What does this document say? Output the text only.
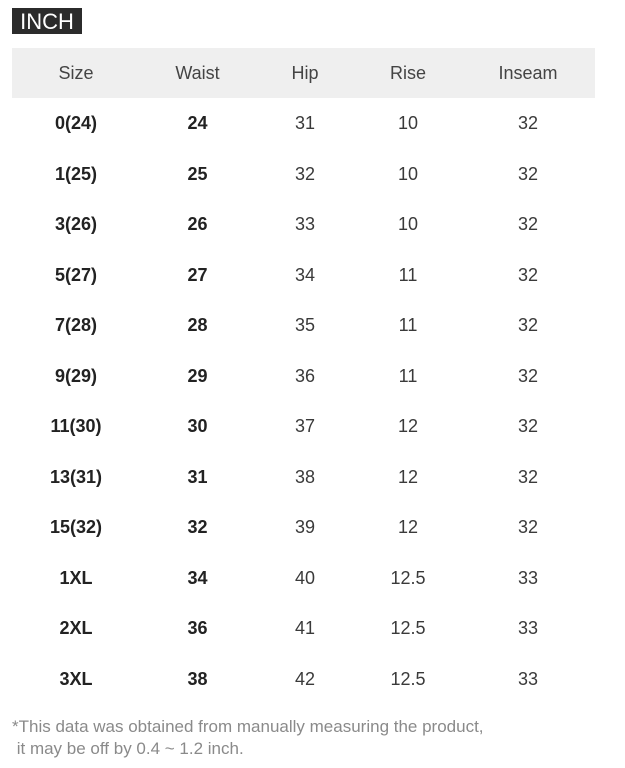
INCH
Size	Waist	Hip	Rise	Inseam
0(24)	24	31	10	32
1(25)	25	32	10	32
3(26)	26	33	10	32
5(27)	27	34	11	32
7(28)	28	35	11	32
9(29)	29	36	11	32
11(30)	30	37	12	32
13(31)	31	38	12	32
15(32)	32	39	12	32
1XL	34	40	12.5	33
2XL	36	41	12.5	33
3XL	38	42	12.5	33
*This data was obtained from manually measuring the product,
it may be off by 0.4 ~ 1.2 inch.
